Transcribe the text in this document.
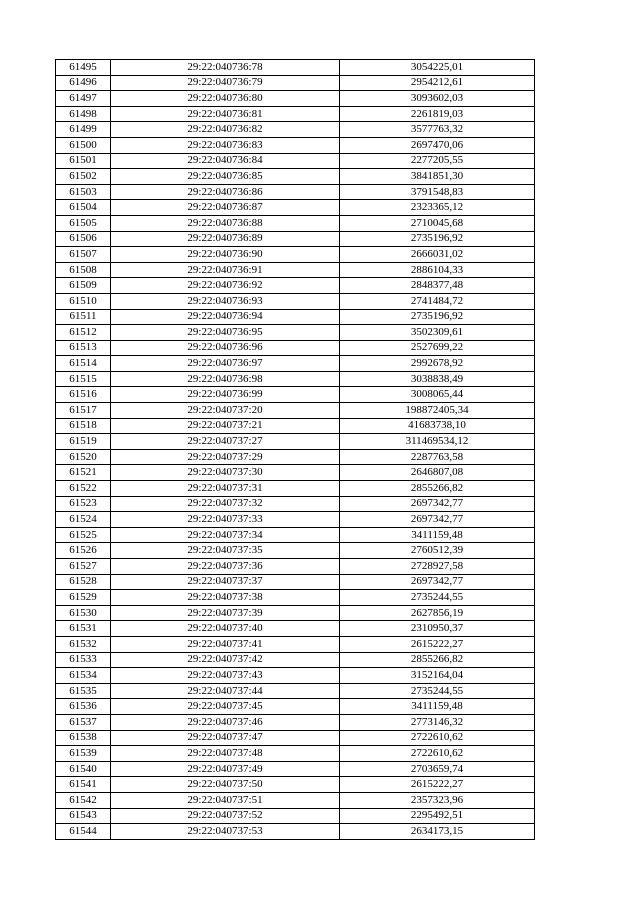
61495	29:22:040736:78	3054225,01
61496	29:22:040736:79	2954212,61
61497	29:22:040736:80	3093602,03
61498	29:22:040736:81	2261819,03
61499	29:22:040736:82	3577763,32
61500	29:22:040736:83	2697470,06
61501	29:22:040736:84	2277205,55
61502	29:22:040736:85	3841851,30
61503	29:22:040736:86	3791548,83
61504	29:22:040736:87	2323365,12
61505	29:22:040736:88	2710045,68
61506	29:22:040736:89	2735196,92
61507	29:22:040736:90	2666031,02
61508	29:22:040736:91	2886104,33
61509	29:22:040736:92	2848377,48
61510	29:22:040736:93	2741484,72
61511	29:22:040736:94	2735196,92
61512	29:22:040736:95	3502309,61
61513	29:22:040736:96	2527699,22
61514	29:22:040736:97	2992678,92
61515	29:22:040736:98	3038838,49
61516	29:22:040736:99	3008065,44
61517	29:22:040737:20	198872405,34
61518	29:22:040737:21	41683738,10
61519	29:22:040737:27	311469534,12
61520	29:22:040737:29	2287763,58
61521	29:22:040737:30	2646807,08
61522	29:22:040737:31	2855266,82
61523	29:22:040737:32	2697342,77
61524	29:22:040737:33	2697342,77
61525	29:22:040737:34	3411159,48
61526	29:22:040737:35	2760512,39
61527	29:22:040737:36	2728927,58
61528	29:22:040737:37	2697342,77
61529	29:22:040737:38	2735244,55
61530	29:22:040737:39	2627856,19
61531	29:22:040737:40	2310950,37
61532	29:22:040737:41	2615222,27
61533	29:22:040737:42	2855266,82
61534	29:22:040737:43	3152164,04
61535	29:22:040737:44	2735244,55
61536	29:22:040737:45	3411159,48
61537	29:22:040737:46	2773146,32
61538	29:22:040737:47	2722610,62
61539	29:22:040737:48	2722610,62
61540	29:22:040737:49	2703659,74
61541	29:22:040737:50	2615222,27
61542	29:22:040737:51	2357323,96
61543	29:22:040737:52	2295492,51
61544	29:22:040737:53	2634173,15
